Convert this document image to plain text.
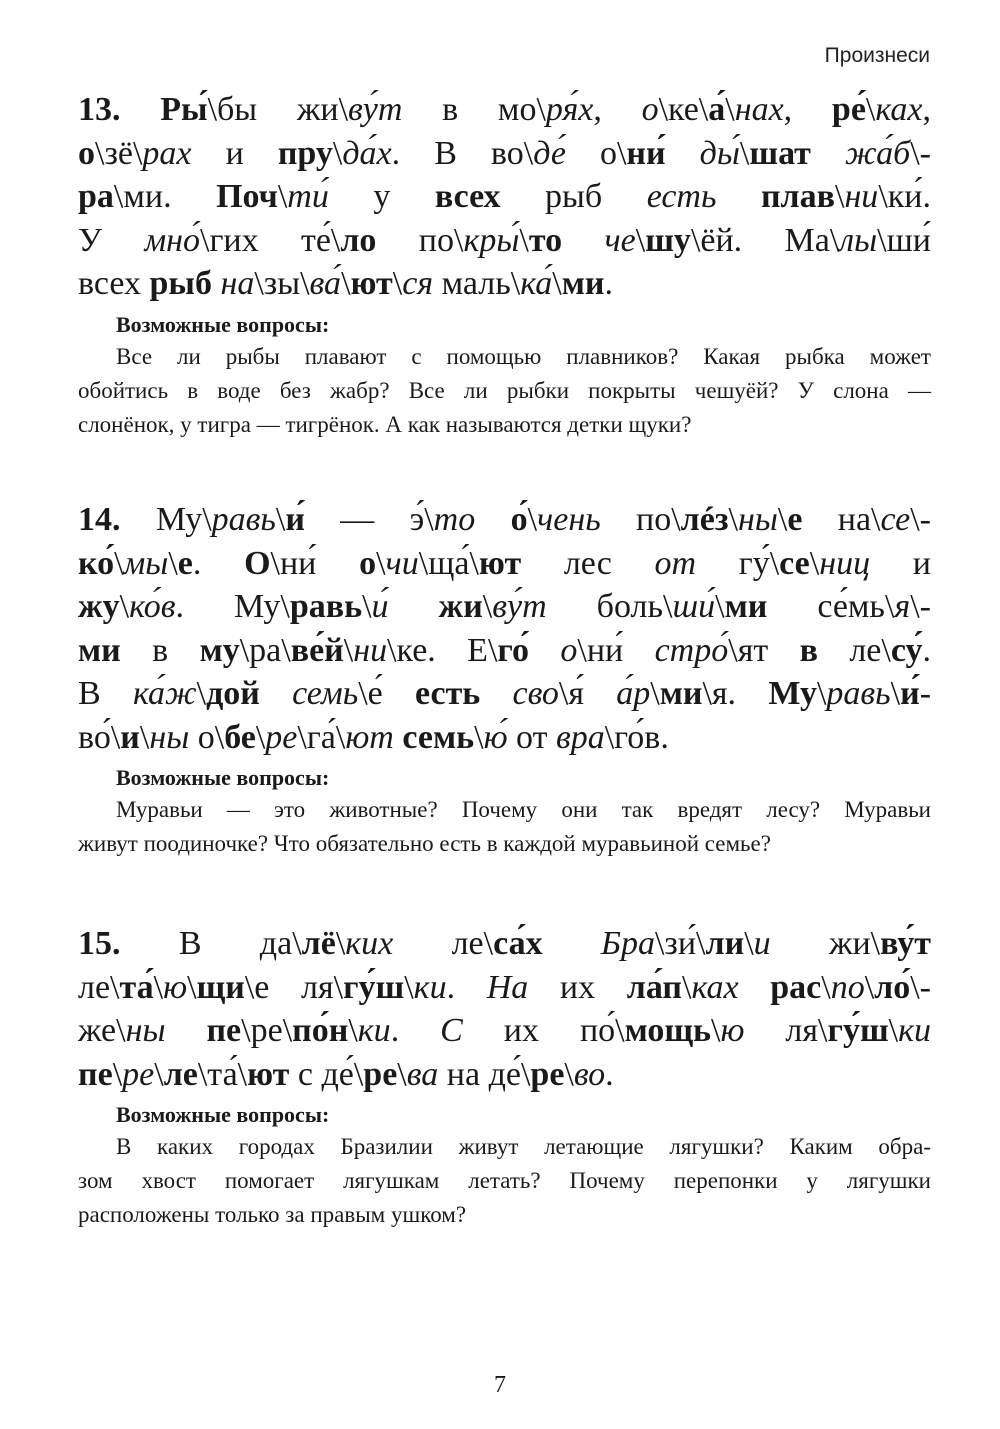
Произнеси
13. Ры́\бы жи\ву́т в мо\ря́х, о\ке\а́\нах, ре́\ках,
о\зё\рах и пру\да́х. В во\де́ о\ни́ ды́\шат жа́б\-
ра\ми. Поч\ти́ у всех рыб есть плав\ни\ки́.
У мно́\гих те́\ло по\кры́\то че\шу\ёй. Ма\лы\ши́
всех рыб на\зы\ва́\ют\ся маль\ка́\ми.
Возможные вопросы:
Все ли рыбы плавают с помощью плавников? Какая рыбка может
обойтись в воде без жабр? Все ли рыбки покрыты чешуёй? У слона —
слонёнок, у тигра — тигрёнок. А как называются детки щуки?
14. Му\равь\и́ — э́\то о́\чень по\лéз\ны\е на\се\-
ко́\мы\е. О\ни́ о\чи\ща́\ют лес от гу́\се\ниц и
жу\ко́в. Му\равь\и́ жи\ву́т боль\ши́\ми се́мь\я\-
ми в му\ра\ве́й\ни\ке. Е\го́ о\ни́ стро́\ят в ле\су́.
В ка́ж\дой семь\е́ есть сво\я́ а́р\ми\я. Му\равь\и́-
во́\и\ны о\бе\ре\га́\ют семь\ю́ от вра\го́в.
Возможные вопросы:
Муравьи — это животные? Почему они так вредят лесу? Муравьи
живут поодиночке? Что обязательно есть в каждой муравьиной семье?
15. В да\лё\ких ле\са́х Бра\зи́\ли\и жи\ву́т
ле\та́\ю\щи\е ля\гу́ш\ки. На их ла́п\ках рас\по\ло́\-
же\ны пе\ре\по́н\ки. С их по́\мощь\ю ля\гу́ш\ки
пе\ре\ле\та́\ют с де́\ре\ва на де́\ре\во.
Возможные вопросы:
В каких городах Бразилии живут летающие лягушки? Каким обра-
зом хвост помогает лягушкам летать? Почему перепонки у лягушки
расположены только за правым ушком?
7
